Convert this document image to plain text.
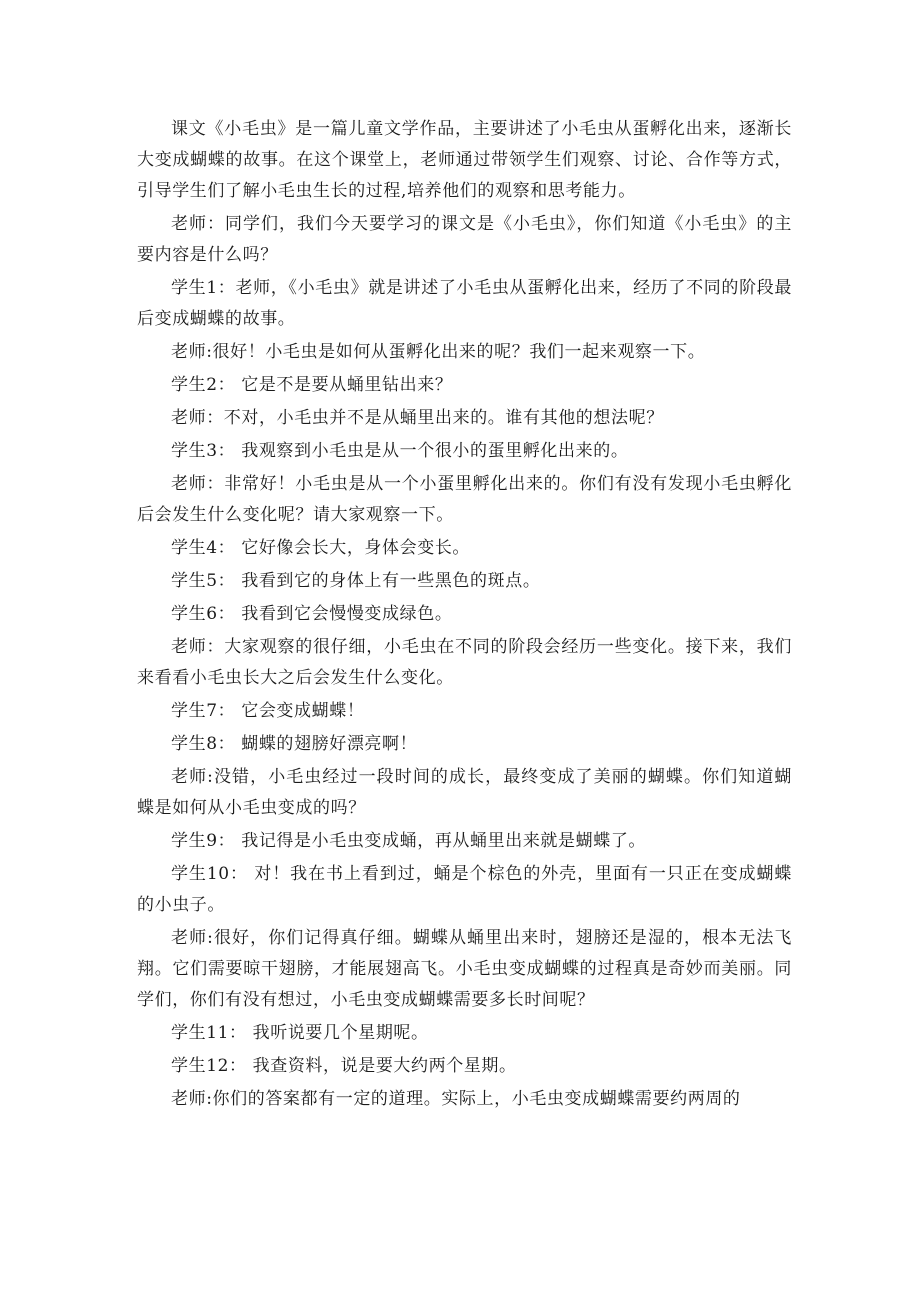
课文《小毛虫》是一篇儿童文学作品，主要讲述了小毛虫从蛋孵化出来，逐渐长大变成蝴蝶的故事。在这个课堂上，老师通过带领学生们观察、讨论、合作等方式，引导学生们了解小毛虫生长的过程,培养他们的观察和思考能力。

老师：同学们，我们今天要学习的课文是《小毛虫》，你们知道《小毛虫》的主要内容是什么吗？

学生1：老师，《小毛虫》就是讲述了小毛虫从蛋孵化出来，经历了不同的阶段最后变成蝴蝶的故事。

老师:很好！小毛虫是如何从蛋孵化出来的呢？我们一起来观察一下。

学生2： 它是不是要从蛹里钻出来？

老师：不对，小毛虫并不是从蛹里出来的。谁有其他的想法呢？

学生3： 我观察到小毛虫是从一个很小的蛋里孵化出来的。

老师：非常好！小毛虫是从一个小蛋里孵化出来的。你们有没有发现小毛虫孵化后会发生什么变化呢？请大家观察一下。

学生4： 它好像会长大，身体会变长。

学生5： 我看到它的身体上有一些黑色的斑点。

学生6： 我看到它会慢慢变成绿色。

老师：大家观察的很仔细，小毛虫在不同的阶段会经历一些变化。接下来，我们来看看小毛虫长大之后会发生什么变化。

学生7： 它会变成蝴蝶！

学生8： 蝴蝶的翅膀好漂亮啊！

老师:没错，小毛虫经过一段时间的成长，最终变成了美丽的蝴蝶。你们知道蝴蝶是如何从小毛虫变成的吗？

学生9： 我记得是小毛虫变成蛹，再从蛹里出来就是蝴蝶了。

学生10： 对！我在书上看到过，蛹是个棕色的外壳，里面有一只正在变成蝴蝶的小虫子。

老师:很好，你们记得真仔细。蝴蝶从蛹里出来时，翅膀还是湿的，根本无法飞翔。它们需要晾干翅膀，才能展翅高飞。小毛虫变成蝴蝶的过程真是奇妙而美丽。同学们，你们有没有想过，小毛虫变成蝴蝶需要多长时间呢？

学生11： 我听说要几个星期呢。

学生12： 我查资料，说是要大约两个星期。

老师:你们的答案都有一定的道理。实际上，小毛虫变成蝴蝶需要约两周的
